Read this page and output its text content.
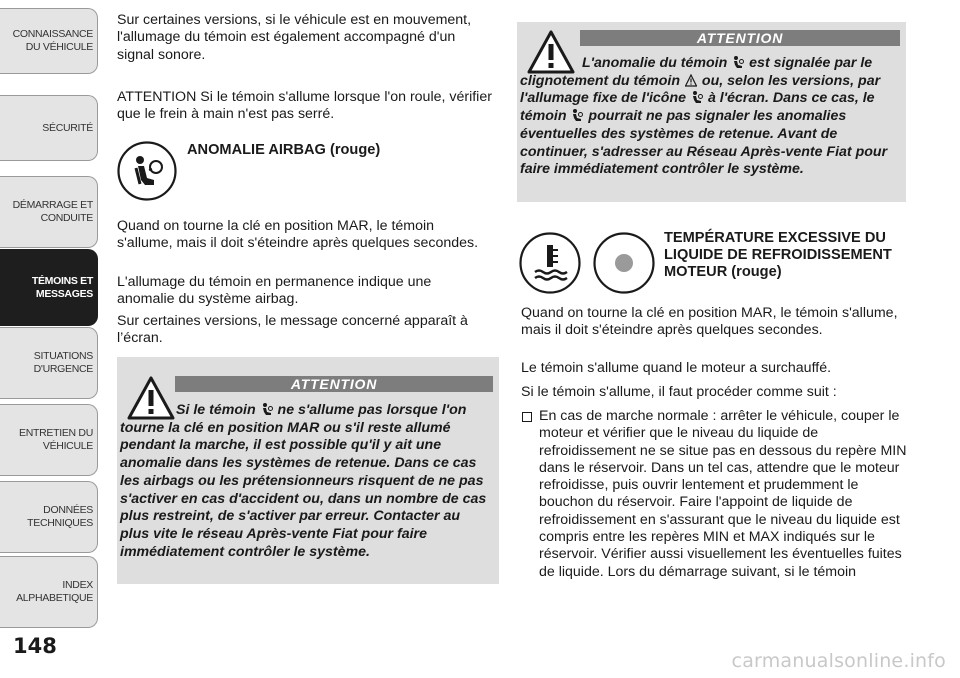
CONNAISSANCE
DU VÉHICULE
SÉCURITÉ
DÉMARRAGE ET
CONDUITE
TÉMOINS ET
MESSAGES
SITUATIONS
D'URGENCE
ENTRETIEN DU
VÉHICULE
DONNÉES
TECHNIQUES
INDEX
ALPHABETIQUE
148

Sur certaines versions, si le véhicule est en mouvement, l'allumage du témoin est également accompagné d'un signal sonore.

ATTENTION Si le témoin s'allume lorsque l'on roule, vérifier que le frein à main n'est pas serré.

ANOMALIE AIRBAG (rouge)

Quand on tourne la clé en position MAR, le témoin s'allume, mais il doit s'éteindre après quelques secondes.

L'allumage du témoin en permanence indique une anomalie du système airbag.

Sur certaines versions, le message concerné apparaît à l’écran.

ATTENTION

Si le témoin ne s'allume pas lorsque l'on tourne la clé en position MAR ou s'il reste allumé pendant la marche, il est possible qu'il y ait une anomalie dans les systèmes de retenue. Dans ce cas les airbags ou les prétensionneurs risquent de ne pas s'activer en cas d'accident ou, dans un nombre de cas plus restreint, de s'activer par erreur. Contacter au plus vite le réseau Après-vente Fiat pour faire immédiatement contrôler le système.

ATTENTION

L'anomalie du témoin est signalée par le clignotement du témoin ou, selon les versions, par l'allumage fixe de l'icône à l'écran. Dans ce cas, le témoin pourrait ne pas signaler les anomalies éventuelles des systèmes de retenue. Avant de continuer, s'adresser au Réseau Après-vente Fiat pour faire immédiatement contrôler le système.

TEMPÉRATURE EXCESSIVE DU LIQUIDE DE REFROIDISSEMENT MOTEUR (rouge)

Quand on tourne la clé en position MAR, le témoin s'allume, mais il doit s'éteindre après quelques secondes.

Le témoin s'allume quand le moteur a surchauffé.

Si le témoin s'allume, il faut procéder comme suit :

En cas de marche normale : arrêter le véhicule, couper le moteur et vérifier que le niveau du liquide de refroidissement ne se situe pas en dessous du repère MIN dans le réservoir. Dans un tel cas, attendre que le moteur refroidisse, puis ouvrir lentement et prudemment le bouchon du réservoir. Faire l'appoint de liquide de refroidissement en s'assurant que le niveau du liquide est compris entre les repères MIN et MAX indiqués sur le réservoir. Vérifier aussi visuellement les éventuelles fuites de liquide. Lors du démarrage suivant, si le témoin
carmanualsonline.info
